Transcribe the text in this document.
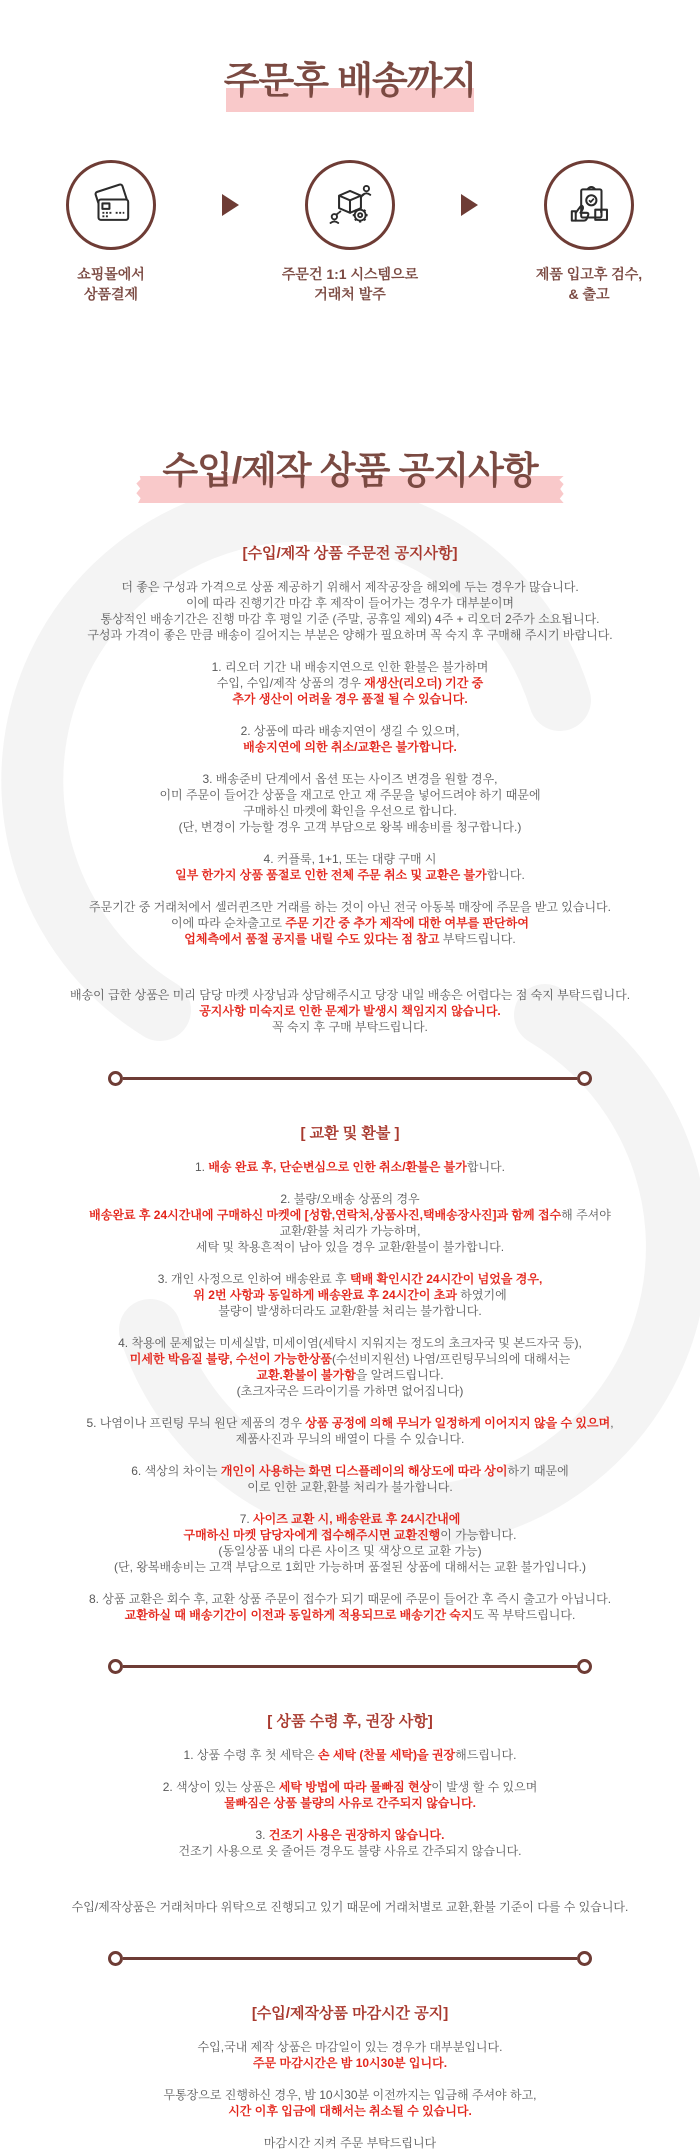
주문후 배송까지
쇼핑몰에서
상품결제
주문건 1:1 시스템으로
거래처 발주
제품 입고후 검수,
& 출고
수입/제작 상품 공지사항

[수입/제작 상품 주문전 공지사항]

더 좋은 구성과 가격으로 상품 제공하기 위해서 제작공장을 해외에 두는 경우가 많습니다.
이에 따라 진행기간 마감 후 제작이 들어가는 경우가 대부분이며
통상적인 배송기간은 진행 마감 후 평일 기준 (주말, 공휴일 제외) 4주 + 리오더 2주가 소요됩니다.
구성과 가격이 좋은 만큼 배송이 길어지는 부분은 양해가 필요하며 꼭 숙지 후 구매해 주시기 바랍니다.

1. 리오더 기간 내 배송지연으로 인한 환불은 불가하며
수입, 수입/제작 상품의 경우 재생산(리오더) 기간 중
추가 생산이 어려울 경우 품절 될 수 있습니다.

2. 상품에 따라 배송지연이 생길 수 있으며,
배송지연에 의한 취소/교환은 불가합니다.

3. 배송준비 단계에서 옵션 또는 사이즈 변경을 원할 경우,
이미 주문이 들어간 상품을 재고로 안고 재 주문을 넣어드려야 하기 때문에
구매하신 마켓에 확인을 우선으로 합니다.
(단, 변경이 가능할 경우 고객 부담으로 왕복 배송비를 청구합니다.)

4. 커플룩, 1+1, 또는 대량 구매 시
일부 한가지 상품 품절로 인한 전체 주문 취소 및 교환은 불가합니다.

주문기간 중 거래처에서 셀러퀸즈만 거래를 하는 것이 아닌 전국 아동복 매장에 주문을 받고 있습니다.
이에 따라 순차출고로 주문 기간 중 추가 제작에 대한 여부를 판단하여
업체측에서 품절 공지를 내릴 수도 있다는 점 참고 부탁드립니다.

배송이 급한 상품은 미리 담당 마켓 사장님과 상담해주시고 당장 내일 배송은 어렵다는 점 숙지 부탁드립니다.
공지사항 미숙지로 인한 문제가 발생시 책임지지 않습니다.
꼭 숙지 후 구매 부탁드립니다.

[ 교환 및 환불 ]

1. 배송 완료 후, 단순변심으로 인한 취소/환불은 불가합니다.

2. 불량/오배송 상품의 경우
배송완료 후 24시간내에 구매하신 마켓에 [성함,연락처,상품사진,택배송장사진]과 함께 접수해 주셔야
교환/환불 처리가 가능하며,
세탁 및 착용흔적이 남아 있을 경우 교환/환불이 불가합니다.

3. 개인 사정으로 인하여 배송완료 후 택배 확인시간 24시간이 넘었을 경우,
위 2번 사항과 동일하게 배송완료 후 24시간이 초과 하였기에
불량이 발생하더라도 교환/환불 처리는 불가합니다.

4. 착용에 문제없는 미세실밥, 미세이염(세탁시 지워지는 정도의 초크자국 및 본드자국 등),
미세한 박음질 불량, 수선이 가능한상품(수선비지원선) 나염/프린팅무늬의에 대해서는
교환.환불이 불가함을 알려드립니다.
(초크자국은 드라이기를 가하면 없어집니다)

5. 나염이나 프린팅 무늬 원단 제품의 경우 상품 공정에 의해 무늬가 일정하게 이어지지 않을 수 있으며,
제품사진과 무늬의 배열이 다를 수 있습니다.

6. 색상의 차이는 개인이 사용하는 화면 디스플레이의 해상도에 따라 상이하기 때문에
이로 인한 교환,환불 처리가 불가합니다.

7. 사이즈 교환 시, 배송완료 후 24시간내에
구매하신 마켓 담당자에게 접수해주시면 교환진행이 가능합니다.
(동일상품 내의 다른 사이즈 및 색상으로 교환 가능)
(단, 왕복배송비는 고객 부담으로 1회만 가능하며 품절된 상품에 대해서는 교환 불가입니다.)

8. 상품 교환은 회수 후, 교환 상품 주문이 접수가 되기 때문에 주문이 들어간 후 즉시 출고가 아닙니다.
교환하실 때 배송기간이 이전과 동일하게 적용되므로 배송기간 숙지도 꼭 부탁드립니다.

[ 상품 수령 후, 권장 사항]

1. 상품 수령 후 첫 세탁은 손 세탁 (찬물 세탁)을 권장해드립니다.

2. 색상이 있는 상품은 세탁 방법에 따라 물빠짐 현상이 발생 할 수 있으며
물빠짐은 상품 불량의 사유로 간주되지 않습니다.

3. 건조기 사용은 권장하지 않습니다.
건조기 사용으로 옷 줄어든 경우도 불량 사유로 간주되지 않습니다.

수입/제작상품은 거래처마다 위탁으로 진행되고 있기 때문에 거래처별로 교환,환불 기준이 다를 수 있습니다.

[수입/제작상품 마감시간 공지]

수입,국내 제작 상품은 마감일이 있는 경우가 대부분입니다.
주문 마감시간은 밤 10시30분 입니다.

무통장으로 진행하신 경우, 밤 10시30분 이전까지는 입금해 주셔야 하고,
시간 이후 입금에 대해서는 취소될 수 있습니다.

마감시간 지켜 주문 부탁드립니다
